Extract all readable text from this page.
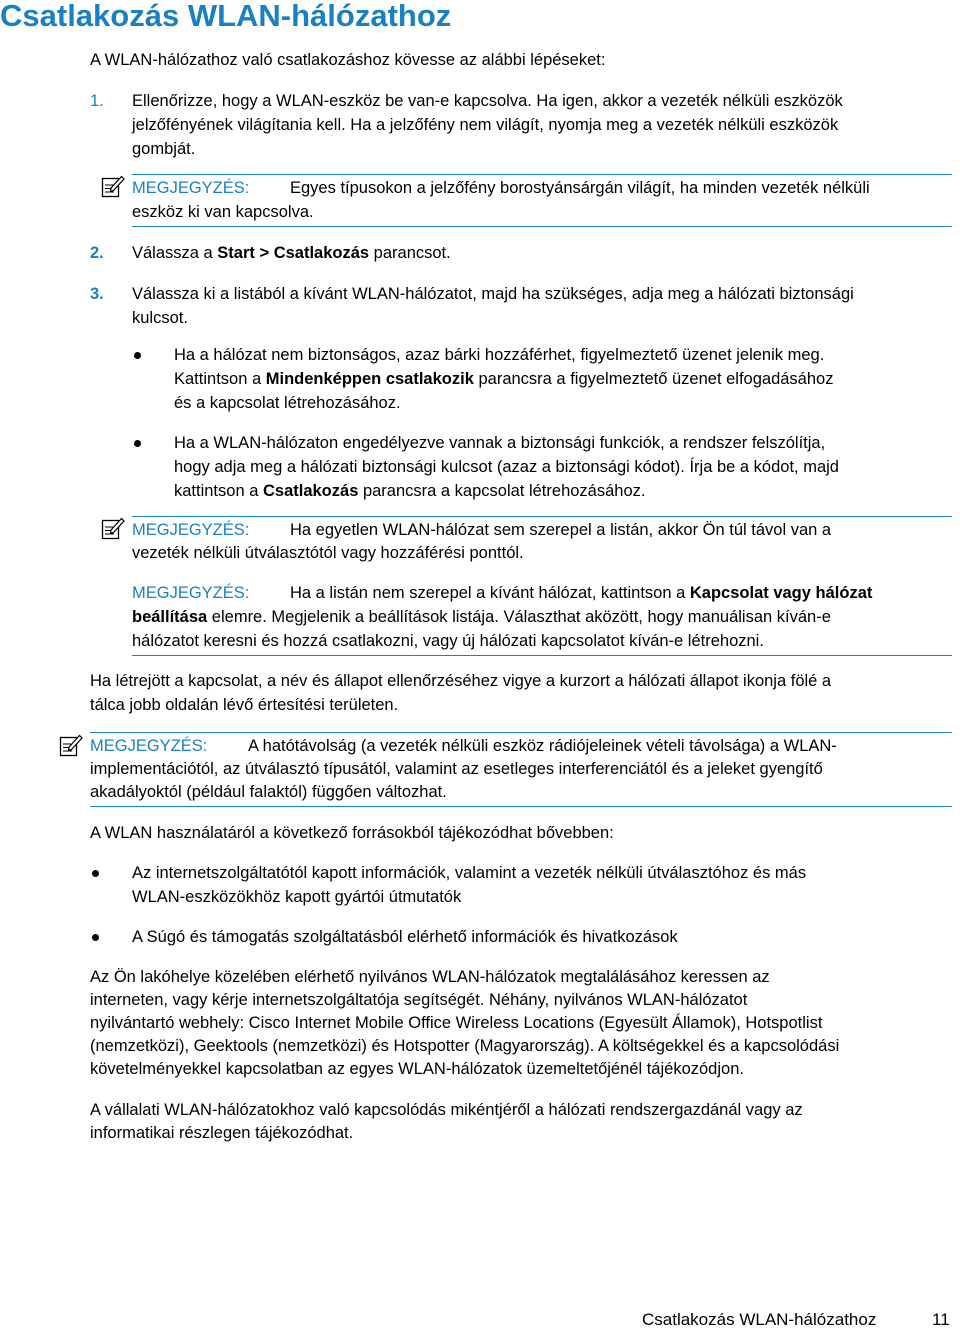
Csatlakozás WLAN-hálózathoz
A WLAN-hálózathoz való csatlakozáshoz kövesse az alábbi lépéseket:
1. Ellenőrizze, hogy a WLAN-eszköz be van-e kapcsolva. Ha igen, akkor a vezeték nélküli eszközök
jelzőfényének világítania kell. Ha a jelzőfény nem világít, nyomja meg a vezeték nélküli eszközök
gombját.
MEGJEGYZÉS: Egyes típusokon a jelzőfény borostyánsárgán világít, ha minden vezeték nélküli
eszköz ki van kapcsolva.
2. Válassza a Start > Csatlakozás parancsot.
3. Válassza ki a listából a kívánt WLAN-hálózatot, majd ha szükséges, adja meg a hálózati biztonsági
kulcsot.
Ha a hálózat nem biztonságos, azaz bárki hozzáférhet, figyelmeztető üzenet jelenik meg.
Kattintson a Mindenképpen csatlakozik parancsra a figyelmeztető üzenet elfogadásához
és a kapcsolat létrehozásához.
Ha a WLAN-hálózaton engedélyezve vannak a biztonsági funkciók, a rendszer felszólítja,
hogy adja meg a hálózati biztonsági kulcsot (azaz a biztonsági kódot). Írja be a kódot, majd
kattintson a Csatlakozás parancsra a kapcsolat létrehozásához.
MEGJEGYZÉS: Ha egyetlen WLAN-hálózat sem szerepel a listán, akkor Ön túl távol van a
vezeték nélküli útválasztótól vagy hozzáférési ponttól.
MEGJEGYZÉS: Ha a listán nem szerepel a kívánt hálózat, kattintson a Kapcsolat vagy hálózat
beállítása elemre. Megjelenik a beállítások listája. Választhat aközött, hogy manuálisan kíván-e
hálózatot keresni és hozzá csatlakozni, vagy új hálózati kapcsolatot kíván-e létrehozni.
Ha létrejött a kapcsolat, a név és állapot ellenőrzéséhez vigye a kurzort a hálózati állapot ikonja fölé a
tálca jobb oldalán lévő értesítési területen.
MEGJEGYZÉS: A hatótávolság (a vezeték nélküli eszköz rádiójeleinek vételi távolsága) a WLAN-
implementációtól, az útválasztó típusától, valamint az esetleges interferenciától és a jeleket gyengítő
akadályoktól (például falaktól) függően változhat.
A WLAN használatáról a következő forrásokból tájékozódhat bővebben:
Az internetszolgáltatótól kapott információk, valamint a vezeték nélküli útválasztóhoz és más
WLAN-eszközökhöz kapott gyártói útmutatók
A Súgó és támogatás szolgáltatásból elérhető információk és hivatkozások
Az Ön lakóhelye közelében elérhető nyilvános WLAN-hálózatok megtalálásához keressen az
interneten, vagy kérje internetszolgáltatója segítségét. Néhány, nyilvános WLAN-hálózatot
nyilvántartó webhely: Cisco Internet Mobile Office Wireless Locations (Egyesült Államok), Hotspotlist
(nemzetközi), Geektools (nemzetközi) és Hotspotter (Magyarország). A költségekkel és a kapcsolódási
követelményekkel kapcsolatban az egyes WLAN-hálózatok üzemeltetőjénél tájékozódjon.
A vállalati WLAN-hálózatokhoz való kapcsolódás mikéntjéről a hálózati rendszergazdánál vagy az
informatikai részlegen tájékozódhat.
Csatlakozás WLAN-hálózathoz	11
